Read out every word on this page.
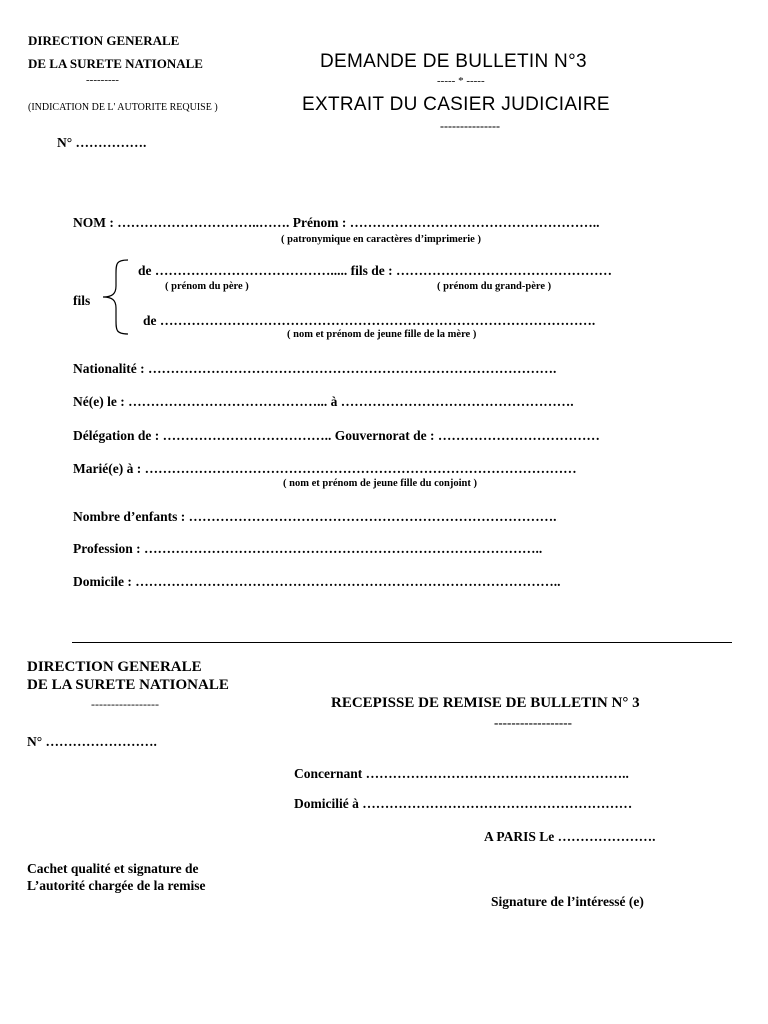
DIRECTION GENERALE
DE LA SURETE NATIONALE
---------
(INDICATION DE L' AUTORITE REQUISE )
N° …………….
DEMANDE DE BULLETIN N°3
----- * -----
EXTRAIT DU CASIER JUDICIAIRE
---------------
NOM : …………………………..……. Prénom : ………………………………………………..
( patronymique en caractères d’imprimerie )
fils
de …………………………………..... fils de : …………………………………………
( prénom du père )	( prénom du grand-père )
de …………………………………………………………………………………….
( nom et prénom de jeune fille de la mère )
Nationalité : ……………………………………………………………………………….
Né(e) le : ……………………………………... à …………………………………………….
Délégation de : ……………………………….. Gouvernorat de : ………………………………
Marié(e) à : ……………………………………………………………………………………
( nom et prénom de jeune fille du conjoint )
Nombre d’enfants : ……………………………………………………………………….
Profession : ……………………………………………………………………………..
Domicile : …………………………………………………………………………………..
DIRECTION GENERALE
DE LA SURETE NATIONALE
-----------------
N° …………………….
RECEPISSE DE REMISE DE BULLETIN N° 3
------------------
Concernant …………………………………………………..
Domicilié à ……………………………………………………
A PARIS Le ………………….
Cachet qualité et signature de
L’autorité chargée de la remise
Signature de l’intéressé (e)
